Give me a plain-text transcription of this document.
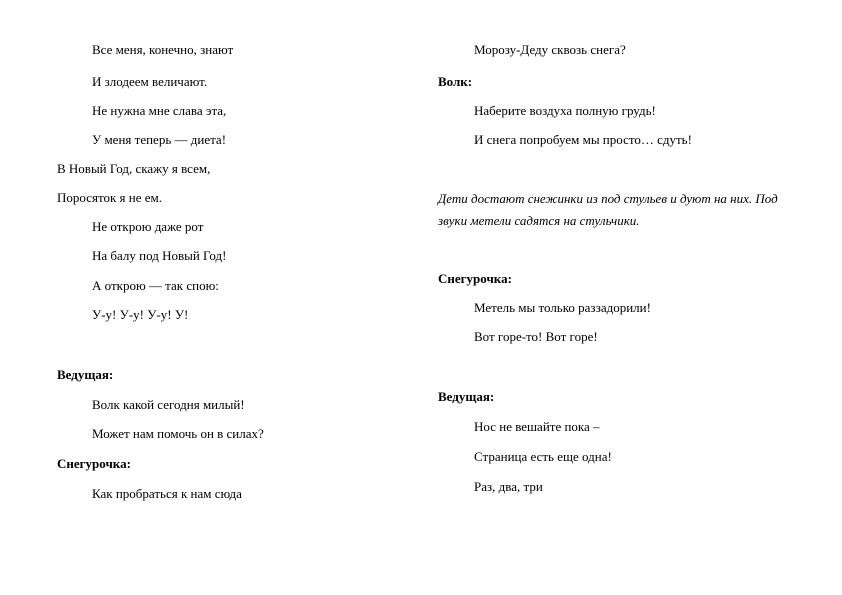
Все меня, конечно, знают
И злодеем величают.
Не нужна мне слава эта,
У меня теперь — диета!
В Новый Год, скажу я всем,
Поросяток я не ем.
Не открою даже рот
На балу под Новый Год!
А открою — так спою:
У-у! У-у! У-у! У!
Ведущая:
Волк какой сегодня милый!
Может нам помочь он в силах?
Снегурочка:
Как пробраться к нам сюда
Морозу-Деду сквозь снега?
Волк:
Наберите воздуха полную грудь!
И снега попробуем мы просто… сдуть!
Дети достают снежинки из под стульев и дуют на них. Под звуки метели садятся на стульчики.
Снегурочка:
Метель мы только раззадорили!
Вот горе-то! Вот горе!
Ведущая:
Нос не вешайте пока –
Страница есть еще одна!
Раз, два, три
